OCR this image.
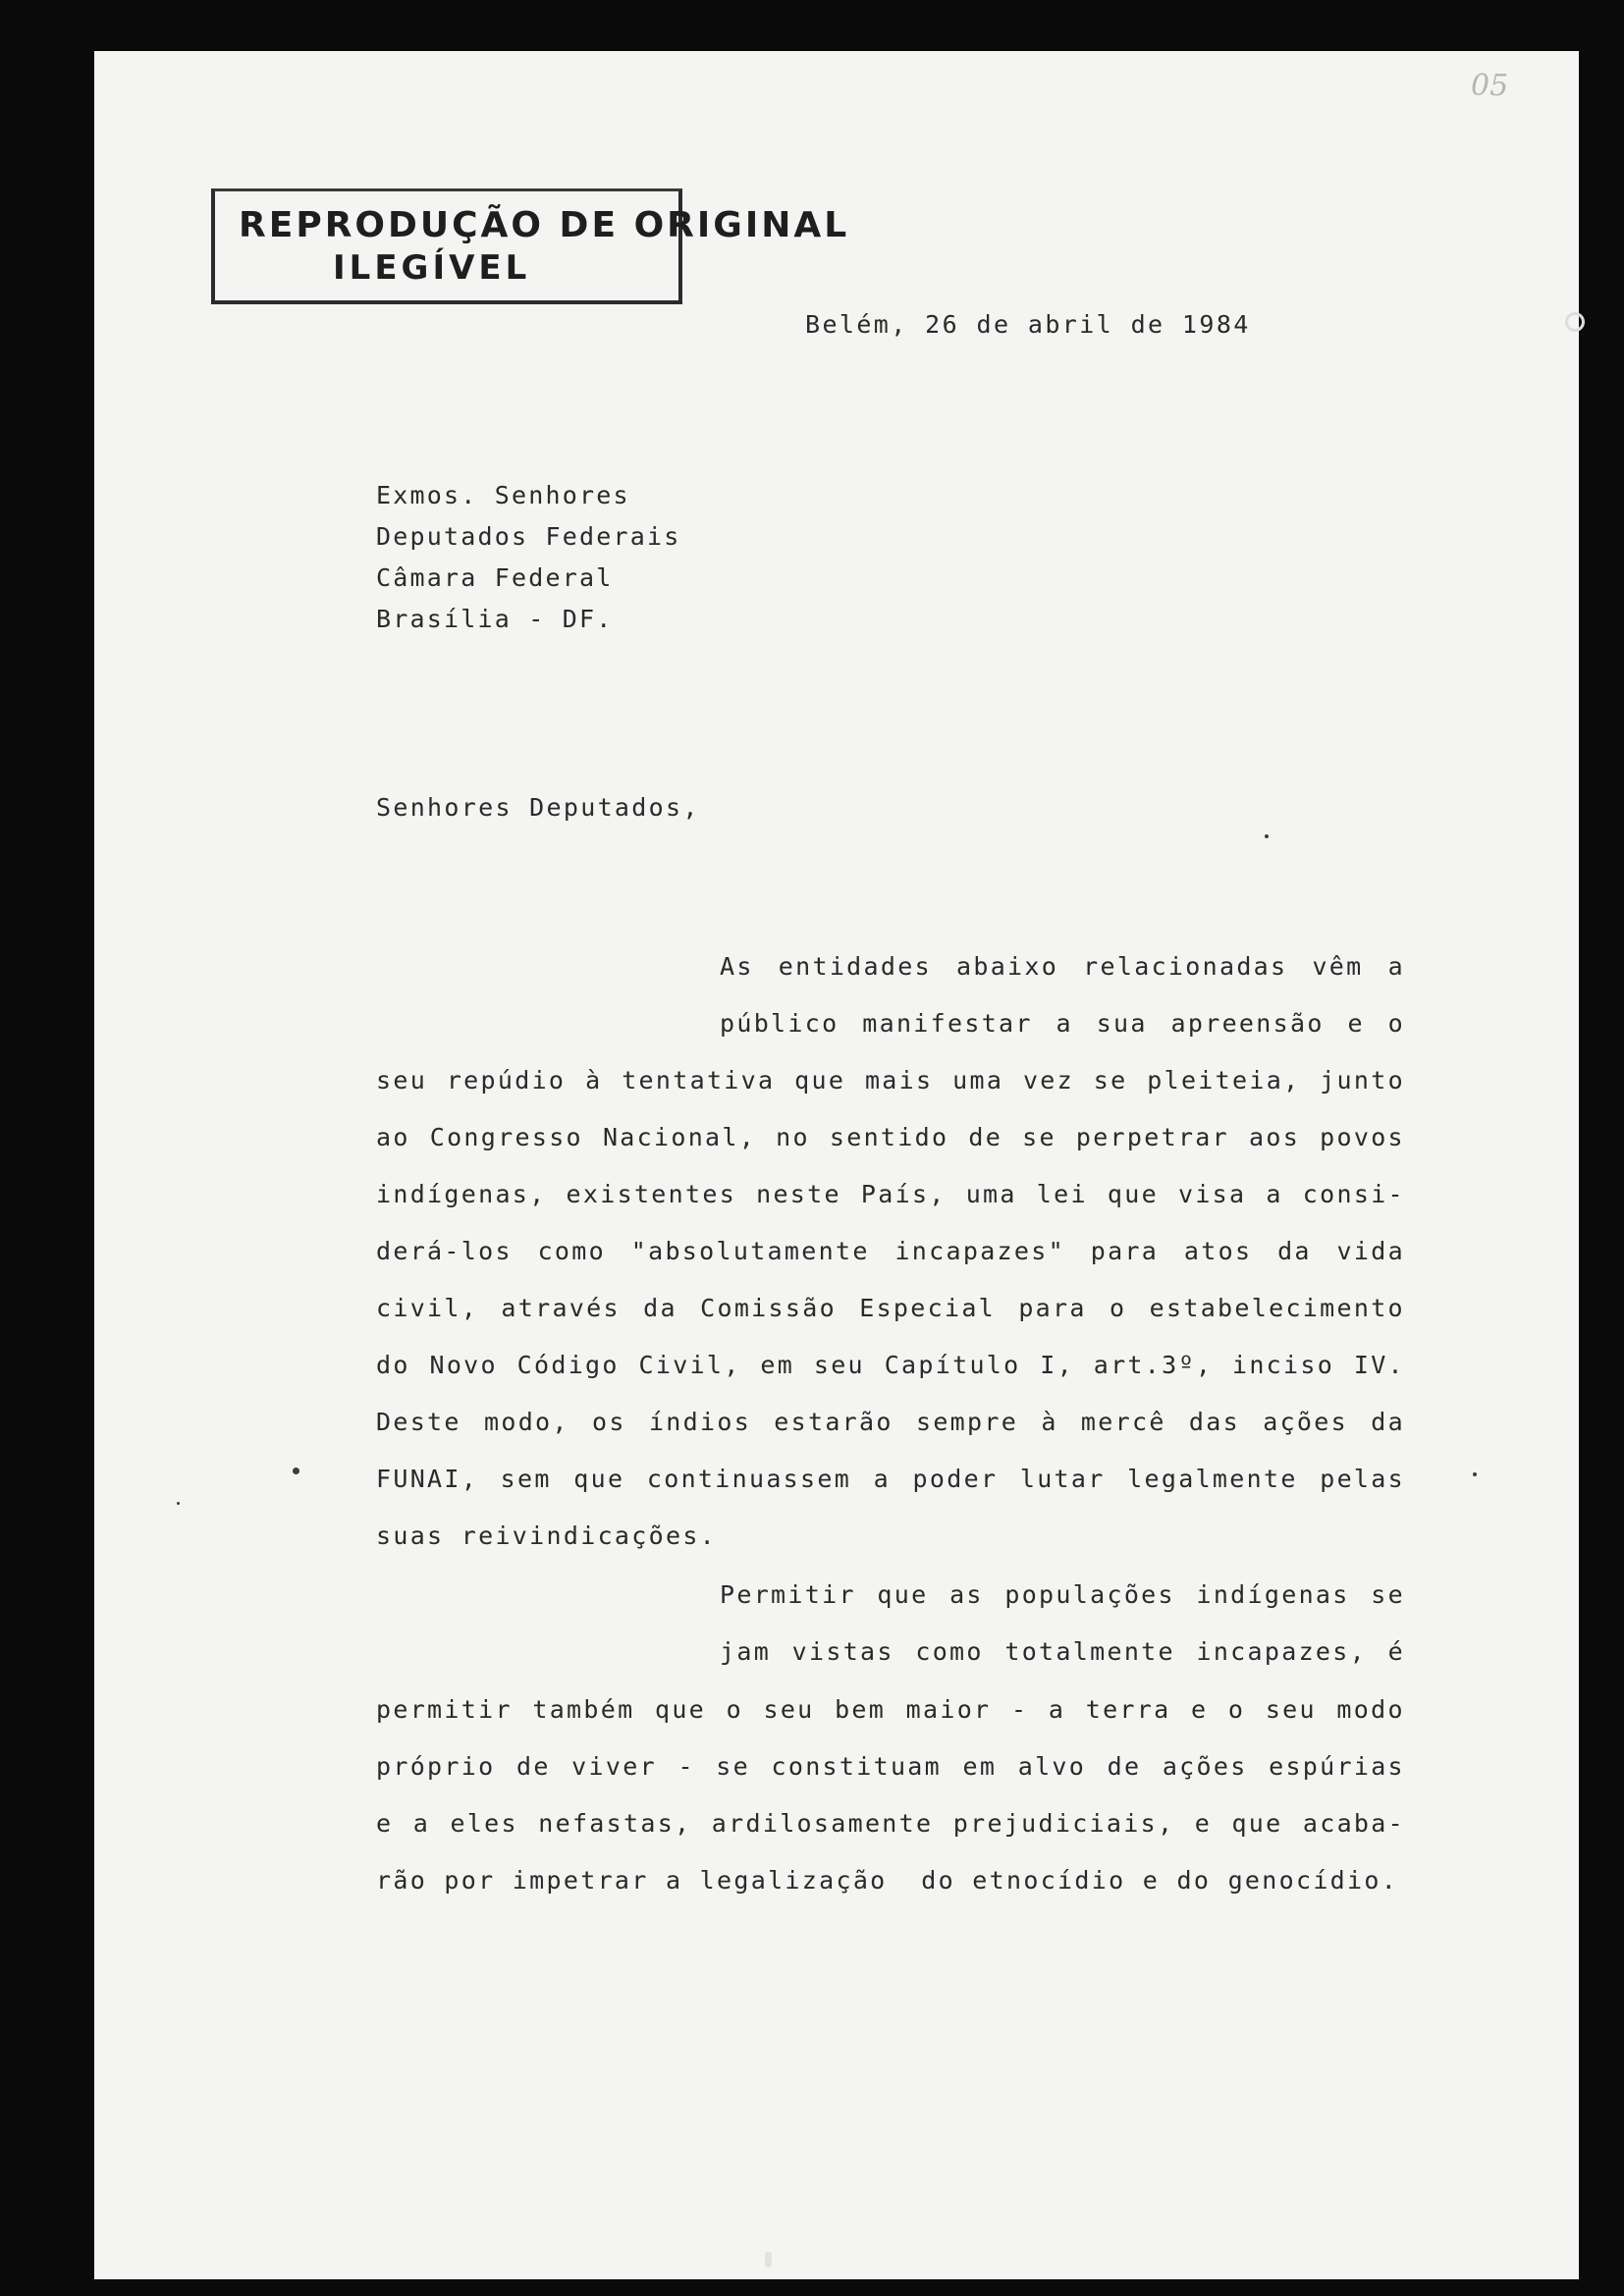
05
REPRODUÇÃO DE ORIGINAL
ILEGÍVEL
Belém, 26 de abril de 1984
Exmos. Senhores
Deputados Federais
Câmara Federal
Brasília - DF.
Senhores Deputados,
As entidades abaixo relacionadas vêm a
público manifestar a sua apreensão e o
seu repúdio à tentativa que mais uma vez se pleiteia, junto
ao Congresso Nacional, no sentido de se perpetrar aos povos
indígenas, existentes neste País, uma lei que visa a consi-
derá-los como "absolutamente incapazes" para atos da vida
civil, através da Comissão Especial para o estabelecimento
do Novo Código Civil, em seu Capítulo I, art.3º, inciso IV.
Deste modo, os índios estarão sempre à mercê das ações da
FUNAI, sem que continuassem a poder lutar legalmente pelas
suas reivindicações.
Permitir que as populações indígenas se
jam vistas como totalmente incapazes, é
permitir também que o seu bem maior - a terra e o seu modo
próprio de viver - se constituam em alvo de ações espúrias
e a eles nefastas, ardilosamente prejudiciais, e que acaba-
rão por impetrar a legalização  do etnocídio e do genocídio.
